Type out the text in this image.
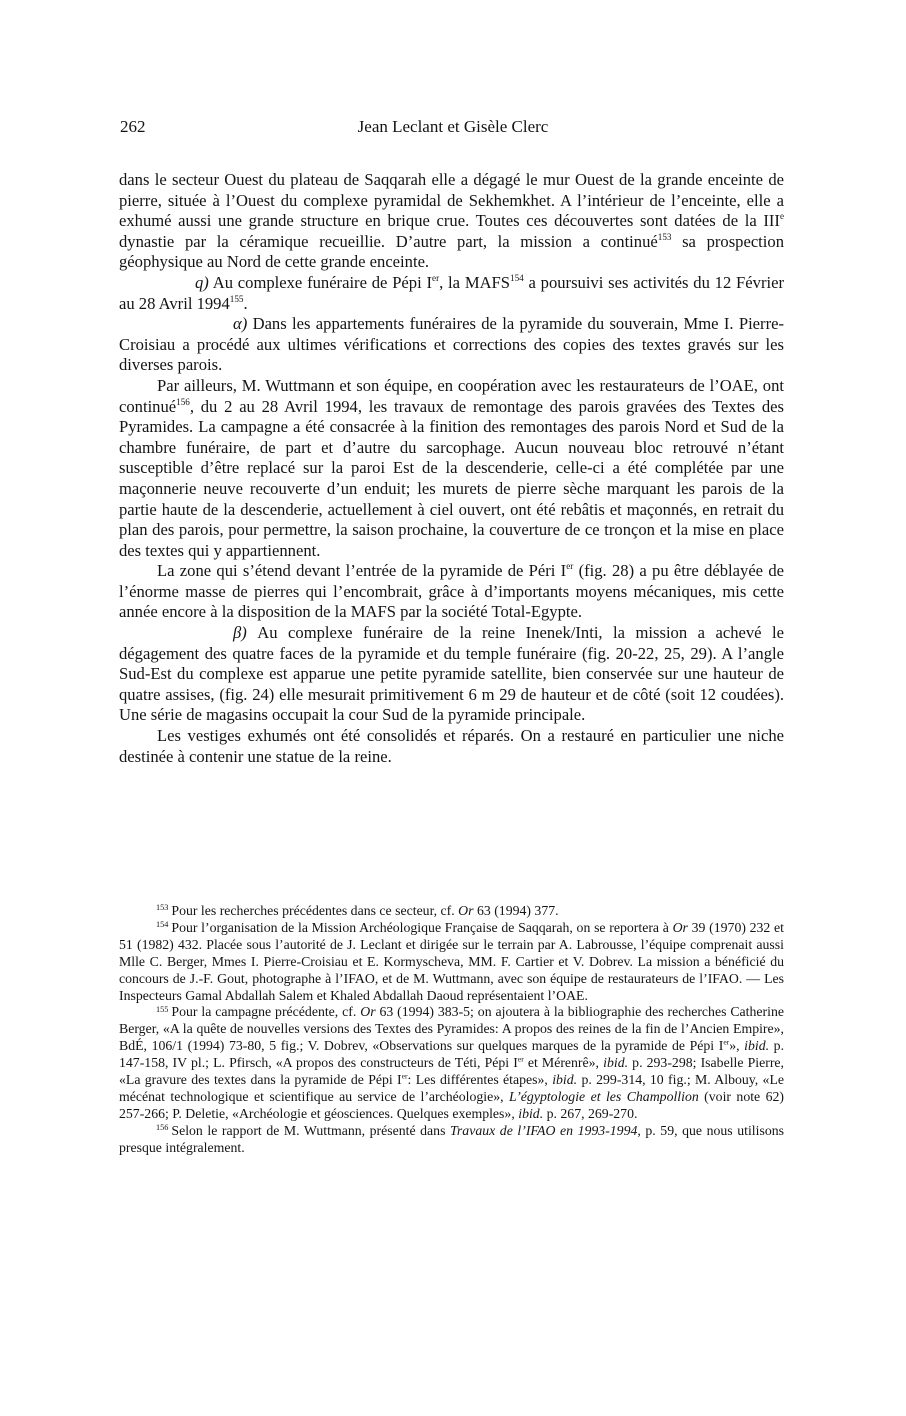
262	Jean Leclant et Gisèle Clerc

dans le secteur Ouest du plateau de Saqqarah elle a dégagé le mur Ouest de la grande enceinte de pierre, située à l’Ouest du complexe pyramidal de Sekhemkhet. A l’intérieur de l’enceinte, elle a exhumé aussi une grande structure en brique crue. Toutes ces découvertes sont datées de la IIIe dynastie par la céramique recueillie. D’autre part, la mission a continué$^{153}$ sa prospection géophysique au Nord de cette grande enceinte.

q) Au complexe funéraire de Pépi Ier, la MAFS$^{154}$ a poursuivi ses activités du 12 Février au 28 Avril 1994$^{155}$.

α) Dans les appartements funéraires de la pyramide du souverain, Mme I. Pierre-Croisiau a procédé aux ultimes vérifications et corrections des copies des textes gravés sur les diverses parois.

Par ailleurs, M. Wuttmann et son équipe, en coopération avec les restaurateurs de l’OAE, ont continué$^{156}$, du 2 au 28 Avril 1994, les travaux de remontage des parois gravées des Textes des Pyramides. La campagne a été consacrée à la finition des remontages des parois Nord et Sud de la chambre funéraire, de part et d’autre du sarcophage. Aucun nouveau bloc retrouvé n’étant susceptible d’être replacé sur la paroi Est de la descenderie, celle-ci a été complétée par une maçonnerie neuve recouverte d’un enduit; les murets de pierre sèche marquant les parois de la partie haute de la descenderie, actuellement à ciel ouvert, ont été rebâtis et maçonnés, en retrait du plan des parois, pour permettre, la saison prochaine, la couverture de ce tronçon et la mise en place des textes qui y appartiennent.

La zone qui s’étend devant l’entrée de la pyramide de Péri Ier (fig. 28) a pu être déblayée de l’énorme masse de pierres qui l’encombrait, grâce à d’importants moyens mécaniques, mis cette année encore à la disposition de la MAFS par la société Total-Egypte.

β) Au complexe funéraire de la reine Inenek/Inti, la mission a achevé le dégagement des quatre faces de la pyramide et du temple funéraire (fig. 20-22, 25, 29). A l’angle Sud-Est du complexe est apparue une petite pyramide satellite, bien conservée sur une hauteur de quatre assises, (fig. 24) elle mesurait primitivement 6 m 29 de hauteur et de côté (soit 12 coudées). Une série de magasins occupait la cour Sud de la pyramide principale.

Les vestiges exhumés ont été consolidés et réparés. On a restauré en particulier une niche destinée à contenir une statue de la reine.

$^{153}$ Pour les recherches précédentes dans ce secteur, cf. Or 63 (1994) 377.

$^{154}$ Pour l’organisation de la Mission Archéologique Française de Saqqarah, on se reportera à Or 39 (1970) 232 et 51 (1982) 432. Placée sous l’autorité de J. Leclant et dirigée sur le terrain par A. Labrousse, l’équipe comprenait aussi Mlle C. Berger, Mmes I. Pierre-Croisiau et E. Kormyscheva, MM. F. Cartier et V. Dobrev. La mission a bénéficié du concours de J.-F. Gout, photographe à l’IFAO, et de M. Wuttmann, avec son équipe de restaurateurs de l’IFAO. — Les Inspecteurs Gamal Abdallah Salem et Khaled Abdallah Daoud représentaient l’OAE.

$^{155}$ Pour la campagne précédente, cf. Or 63 (1994) 383-5; on ajoutera à la bibliographie des recherches Catherine Berger, «A la quête de nouvelles versions des Textes des Pyramides: A propos des reines de la fin de l’Ancien Empire», BdÉ, 106/1 (1994) 73-80, 5 fig.; V. Dobrev, «Observations sur quelques marques de la pyramide de Pépi Ier», ibid. p. 147-158, IV pl.; L. Pfirsch, «A propos des constructeurs de Téti, Pépi Ier et Mérenrê», ibid. p. 293-298; Isabelle Pierre, «La gravure des textes dans la pyramide de Pépi Ier: Les différentes étapes», ibid. p. 299-314, 10 fig.; M. Albouy, «Le mécénat technologique et scientifique au service de l’archéologie», L’égyptologie et les Champollion (voir note 62) 257-266; P. Deletie, «Archéologie et géosciences. Quelques exemples», ibid. p. 267, 269-270.

$^{156}$ Selon le rapport de M. Wuttmann, présenté dans Travaux de l’IFAO en 1993-1994, p. 59, que nous utilisons presque intégralement.
